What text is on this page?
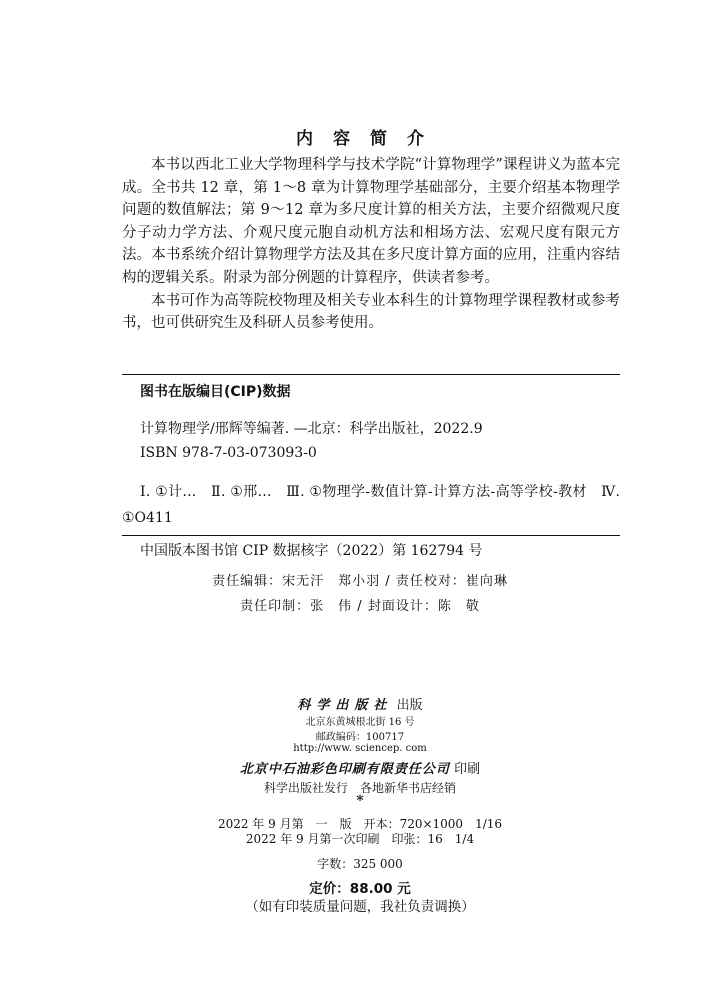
内容简介

本书以西北工业大学物理科学与技术学院“计算物理学”课程讲义为蓝本完成。全书共 12 章，第 1～8 章为计算物理学基础部分，主要介绍基本物理学问题的数值解法；第 9～12 章为多尺度计算的相关方法，主要介绍微观尺度分子动力学方法、介观尺度元胞自动机方法和相场方法、宏观尺度有限元方法。本书系统介绍计算物理学方法及其在多尺度计算方面的应用，注重内容结构的逻辑关系。附录为部分例题的计算程序，供读者参考。

本书可作为高等院校物理及相关专业本科生的计算物理学课程教材或参考书，也可供研究生及科研人员参考使用。

图书在版编目(CIP)数据
计算物理学/邢辉等编著. —北京：科学出版社，2022.9
ISBN 978-7-03-073093-0
Ⅰ. ①计…　Ⅱ. ①邢…　Ⅲ. ①物理学-数值计算-计算方法-高等学校-教材　Ⅳ. ①O411
中国版本图书馆 CIP 数据核字（2022）第 162794 号
责任编辑：宋无汗　郑小羽 / 责任校对：崔向琳
责任印制：张　伟 / 封面设计：陈　敬
科学出版社 出版
北京东黄城根北街 16 号
邮政编码：100717
http://www. sciencep. com
北京中石油彩色印刷有限责任公司 印刷
科学出版社发行　各地新华书店经销
*
2022 年 9 月第　一　版　开本：720×1000　1/16
2022 年 9 月第一次印刷　印张：16　1/4
字数：325 000
定价：88.00 元
（如有印装质量问题，我社负责调换）
